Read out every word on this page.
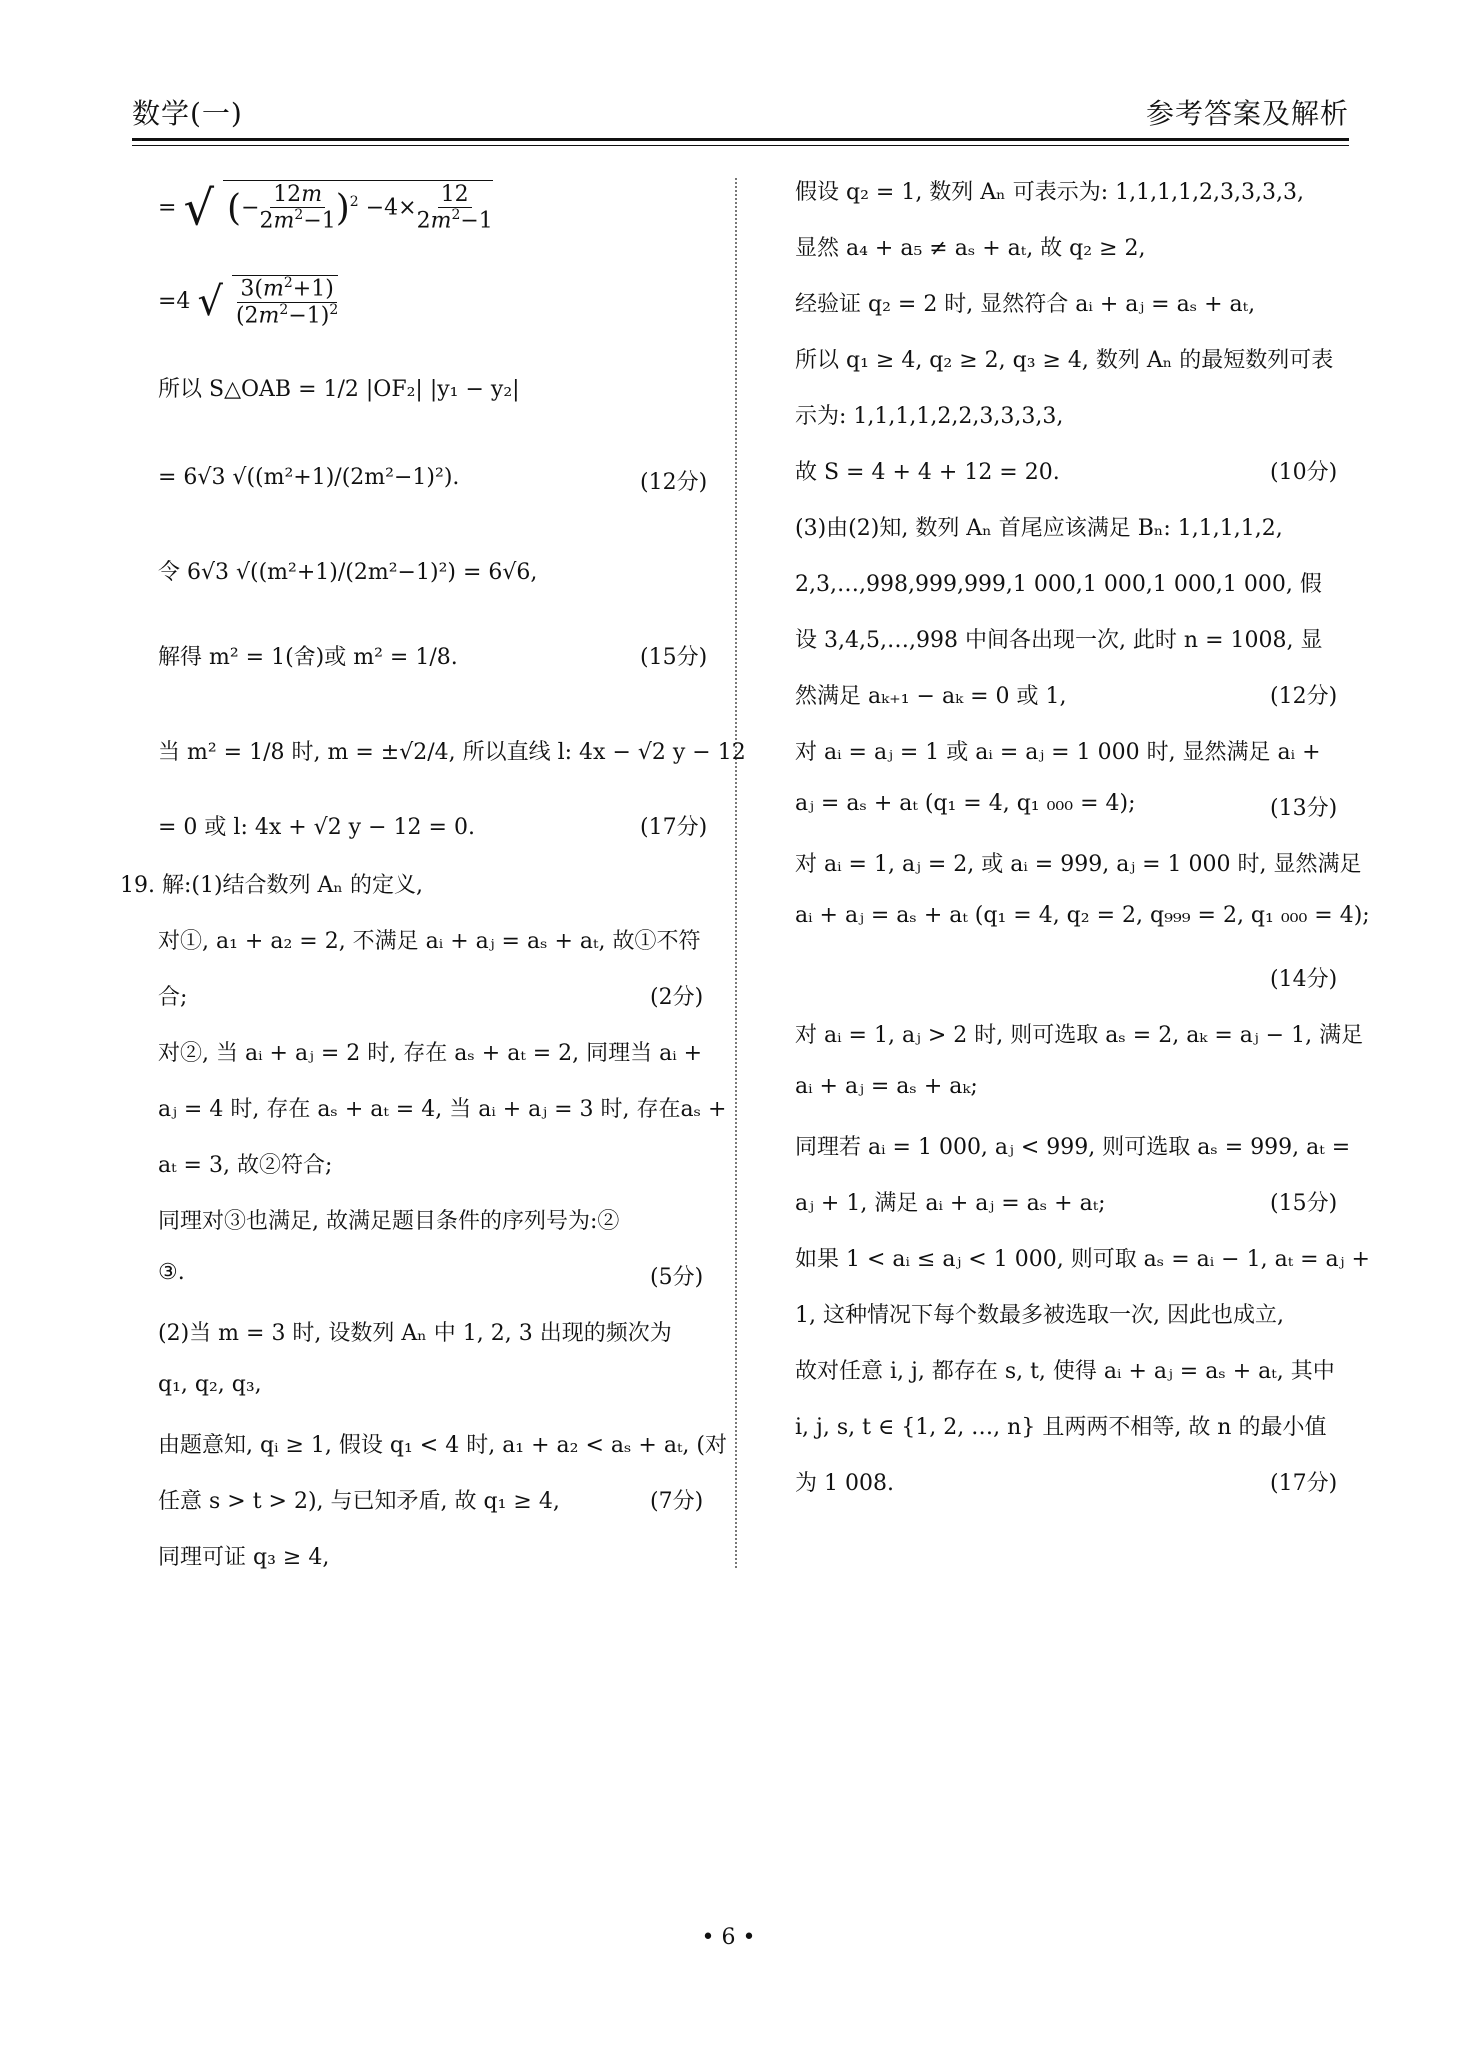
数学(一)	参考答案及解析
= √ (− $\frac{12m}{2m^2-1} )^2 -4\times \frac{12}{2m^2-1}$
=4 √ $\frac{3(m^2+1)}{(2m^2-1)^2}$
所以 S△OAB = 1/2 |OF₂| |y₁ − y₂|
= 6√3 √((m²+1)/(2m²−1)²).	(12分)
令 6√3 √((m²+1)/(2m²−1)²) = 6√6,
解得 m² = 1(舍)或 m² = 1/8.	(15分)
当 m² = 1/8 时, m = ±√2/4, 所以直线 l: 4x − √2 y − 12
= 0 或 l: 4x + √2 y − 12 = 0.	(17分)
19. 解:(1)结合数列 Aₙ 的定义,
对①, a₁ + a₂ = 2, 不满足 aᵢ + aⱼ = aₛ + aₜ, 故①不符
合;	(2分)
对②, 当 aᵢ + aⱼ = 2 时, 存在 aₛ + aₜ = 2, 同理当 aᵢ +
aⱼ = 4 时, 存在 aₛ + aₜ = 4, 当 aᵢ + aⱼ = 3 时, 存在aₛ +
aₜ = 3, 故②符合;
同理对③也满足, 故满足题目条件的序列号为:②
③.	(5分)
(2)当 m = 3 时, 设数列 Aₙ 中 1, 2, 3 出现的频次为
q₁, q₂, q₃,
由题意知, qᵢ ≥ 1, 假设 q₁ < 4 时, a₁ + a₂ < aₛ + aₜ, (对
任意 s > t > 2), 与已知矛盾, 故 q₁ ≥ 4,	(7分)
同理可证 q₃ ≥ 4,
假设 q₂ = 1, 数列 Aₙ 可表示为: 1,1,1,1,2,3,3,3,3,
显然 a₄ + a₅ ≠ aₛ + aₜ, 故 q₂ ≥ 2,
经验证 q₂ = 2 时, 显然符合 aᵢ + aⱼ = aₛ + aₜ,
所以 q₁ ≥ 4, q₂ ≥ 2, q₃ ≥ 4, 数列 Aₙ 的最短数列可表
示为: 1,1,1,1,2,2,3,3,3,3,
故 S = 4 + 4 + 12 = 20.	(10分)
(3)由(2)知, 数列 Aₙ 首尾应该满足 Bₙ: 1,1,1,1,2,
2,3,…,998,999,999,1 000,1 000,1 000,1 000, 假
设 3,4,5,…,998 中间各出现一次, 此时 n = 1008, 显
然满足 aₖ₊₁ − aₖ = 0 或 1,	(12分)
对 aᵢ = aⱼ = 1 或 aᵢ = aⱼ = 1 000 时, 显然满足 aᵢ +
aⱼ = aₛ + aₜ (q₁ = 4, q₁ ₀₀₀ = 4);	(13分)
对 aᵢ = 1, aⱼ = 2, 或 aᵢ = 999, aⱼ = 1 000 时, 显然满足
aᵢ + aⱼ = aₛ + aₜ (q₁ = 4, q₂ = 2, q₉₉₉ = 2, q₁ ₀₀₀ = 4);
(14分)
对 aᵢ = 1, aⱼ > 2 时, 则可选取 aₛ = 2, aₖ = aⱼ − 1, 满足
aᵢ + aⱼ = aₛ + aₖ;
同理若 aᵢ = 1 000, aⱼ < 999, 则可选取 aₛ = 999, aₜ =
aⱼ + 1, 满足 aᵢ + aⱼ = aₛ + aₜ;	(15分)
如果 1 < aᵢ ≤ aⱼ < 1 000, 则可取 aₛ = aᵢ − 1, aₜ = aⱼ +
1, 这种情况下每个数最多被选取一次, 因此也成立,
故对任意 i, j, 都存在 s, t, 使得 aᵢ + aⱼ = aₛ + aₜ, 其中
i, j, s, t ∈ {1, 2, …, n} 且两两不相等, 故 n 的最小值
为 1 008.	(17分)
• 6 •
